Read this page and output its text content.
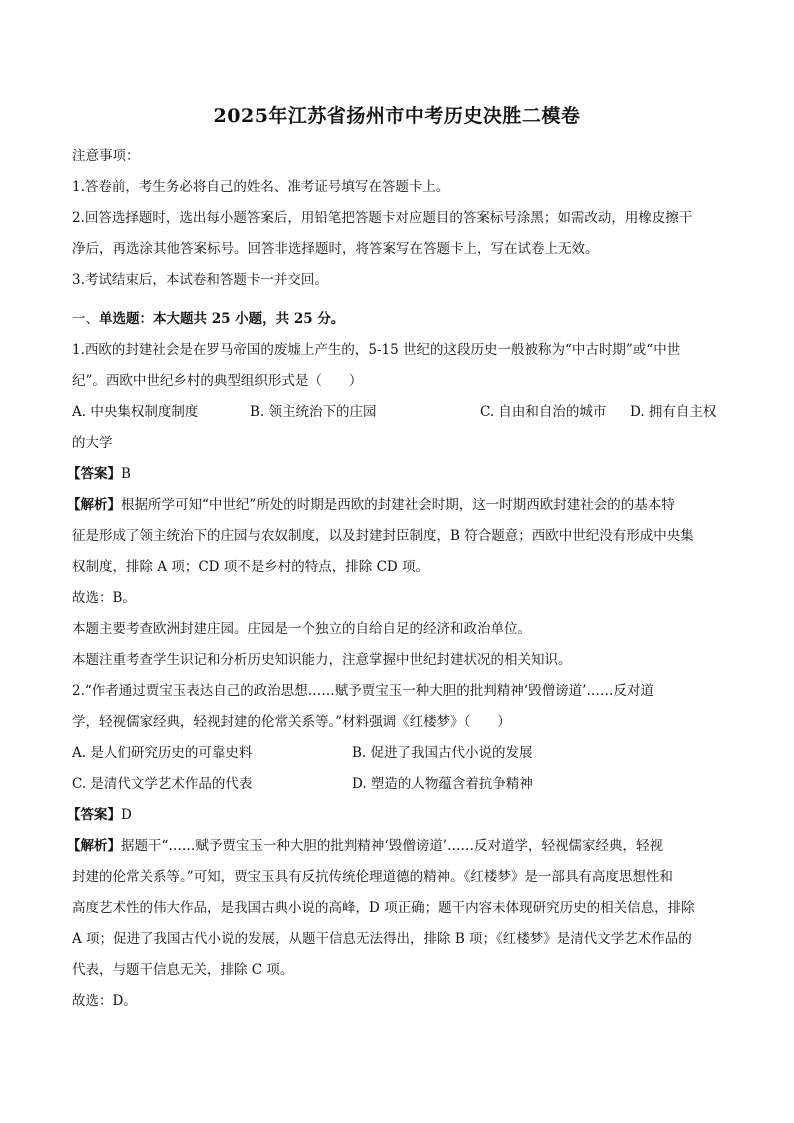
2025年江苏省扬州市中考历史决胜二模卷
注意事项：
1.答卷前，考生务必将自己的姓名、准考证号填写在答题卡上。
2.回答选择题时，选出每小题答案后，用铅笔把答题卡对应题目的答案标号涂黑；如需改动，用橡皮擦干
净后，再选涂其他答案标号。回答非选择题时，将答案写在答题卡上，写在试卷上无效。
3.考试结束后，本试卷和答题卡一并交回。
一、单选题：本大题共 25 小题，共 25 分。
1.西欧的封建社会是在罗马帝国的废墟上产生的，5-15 世纪的这段历史一般被称为“中古时期”或“中世
纪”。西欧中世纪乡村的典型组织形式是（　　）
A. 中央集权制度制度	B. 领主统治下的庄园	C. 自由和自治的城市	D. 拥有自主权
的大学
【答案】B
【解析】根据所学可知“中世纪”所处的时期是西欧的封建社会时期，这一时期西欧封建社会的的基本特
征是形成了领主统治下的庄园与农奴制度，以及封建封臣制度，B 符合题意；西欧中世纪没有形成中央集
权制度，排除 A 项；CD 项不是乡村的特点，排除 CD 项。
故选：B。
本题主要考查欧洲封建庄园。庄园是一个独立的自给自足的经济和政治单位。
本题注重考查学生识记和分析历史知识能力，注意掌握中世纪封建状况的相关知识。
2.“作者通过贾宝玉表达自己的政治思想……赋予贾宝玉一种大胆的批判精神‘毁僧谤道’……反对道
学，轻视儒家经典，轻视封建的伦常关系等。”材料强调《红楼梦》（　　）
A. 是人们研究历史的可靠史料	B. 促进了我国古代小说的发展
C. 是清代文学艺术作品的代表	D. 塑造的人物蕴含着抗争精神
【答案】D
【解析】据题干“……赋予贾宝玉一种大胆的批判精神‘毁僧谤道’……反对道学，轻视儒家经典，轻视
封建的伦常关系等。”可知，贾宝玉具有反抗传统伦理道德的精神。《红楼梦》是一部具有高度思想性和
高度艺术性的伟大作品，是我国古典小说的高峰，D 项正确；题干内容未体现研究历史的相关信息，排除
A 项；促进了我国古代小说的发展，从题干信息无法得出，排除 B 项；《红楼梦》是清代文学艺术作品的
代表，与题干信息无关，排除 C 项。
故选：D。
